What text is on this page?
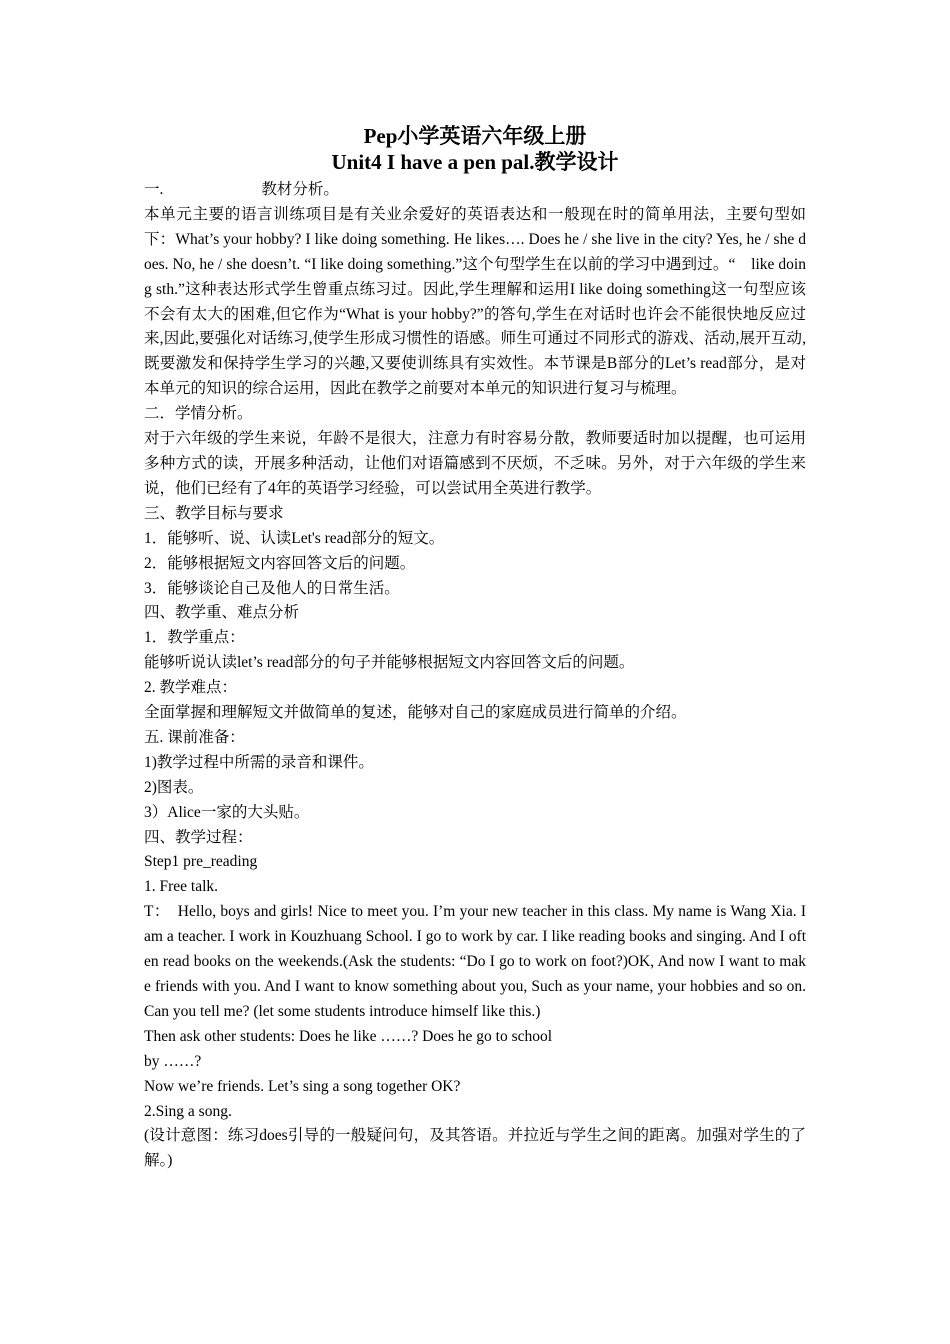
Pep小学英语六年级上册
Unit4 I have a pen pal.教学设计

一.	教材分析。

本单元主要的语言训练项目是有关业余爱好的英语表达和一般现在时的简单用法，主要句型如下：What’s your hobby? I like doing something. He likes…. Does he / she live in the city? Yes, he / she does. No, he / she doesn’t. “I like doing something.”这个句型学生在以前的学习中遇到过。“　like doing sth.”这种表达形式学生曾重点练习过。因此,学生理解和运用I like doing something这一句型应该不会有太大的困难,但它作为“What is your hobby?”的答句,学生在对话时也许会不能很快地反应过来,因此,要强化对话练习,使学生形成习惯性的语感。师生可通过不同形式的游戏、活动,展开互动,既要激发和保持学生学习的兴趣,又要使训练具有实效性。本节课是B部分的Let’s read部分，是对本单元的知识的综合运用，因此在教学之前要对本单元的知识进行复习与梳理。

二．学情分析。

对于六年级的学生来说，年龄不是很大，注意力有时容易分散，教师要适时加以提醒，也可运用多种方式的读，开展多种活动，让他们对语篇感到不厌烦，不乏味。另外，对于六年级的学生来说，他们已经有了4年的英语学习经验，可以尝试用全英进行教学。

三、教学目标与要求

1．能够听、说、认读Let's read部分的短文。

2．能够根据短文内容回答文后的问题。

3．能够谈论自己及他人的日常生活。

四、教学重、难点分析

1．教学重点：

能够听说认读let’s read部分的句子并能够根据短文内容回答文后的问题。

2. 教学难点：

全面掌握和理解短文并做简单的复述，能够对自己的家庭成员进行简单的介绍。

五. 课前准备：

1)教学过程中所需的录音和课件。

2)图表。

3）Alice一家的大头贴。

四、教学过程：

Step1 pre_reading

1. Free talk.

T：　Hello, boys and girls! Nice to meet you. I’m your new teacher in this class. My name is Wang Xia. I am a teacher. I work in Kouzhuang School. I go to work by car. I like reading books and singing. And I often read books on the weekends.(Ask the students: “Do I go to work on foot?)OK, And now I want to make friends with you. And I want to know something about you, Such as your name, your hobbies and so on.Can you tell me? (let some students introduce himself like this.)

Then ask other students: Does he like ……? Does he go to school

by ……?

Now we’re friends. Let’s sing a song together OK?

2.Sing a song.

(设计意图：练习does引导的一般疑问句，及其答语。并拉近与学生之间的距离。加强对学生的了解。)
